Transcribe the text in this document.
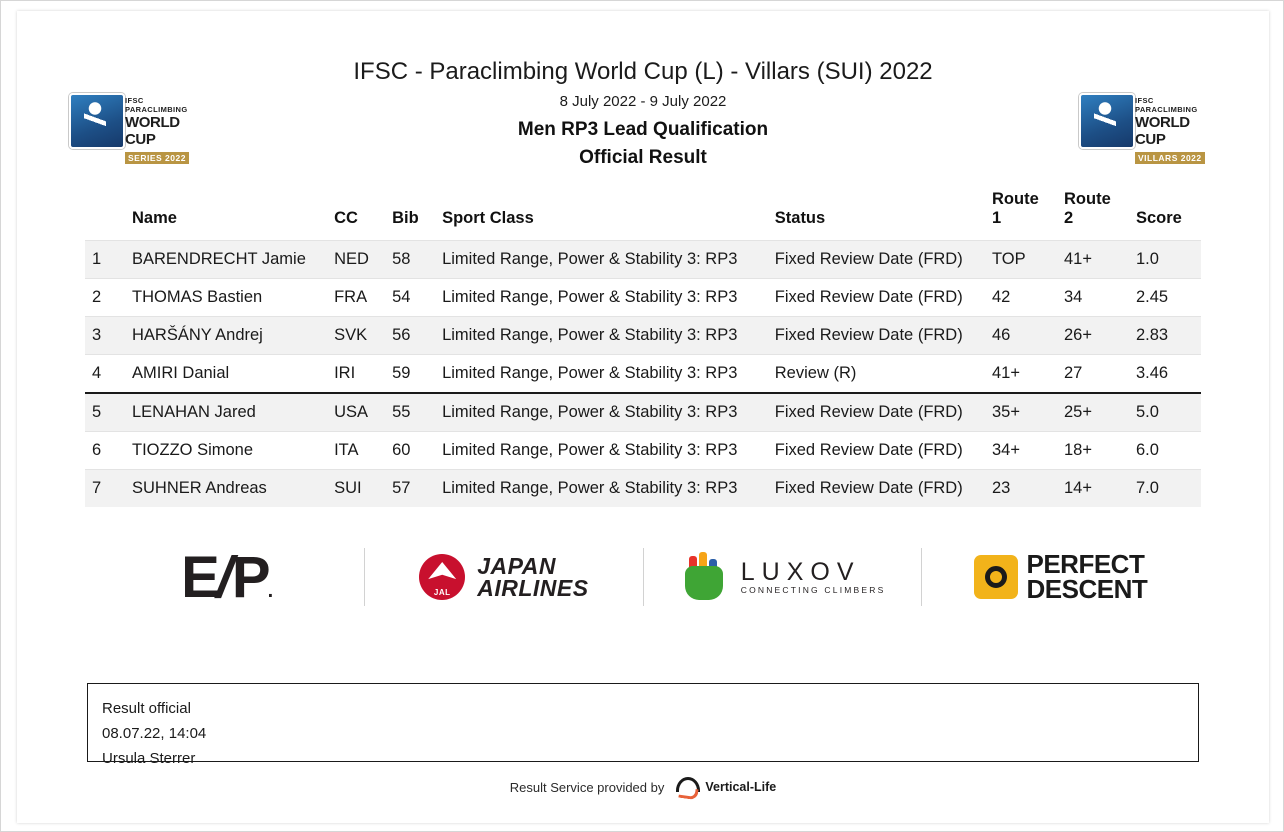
IFSC PARACLIMBING
WORLD CUP
SERIES 2022
IFSC - Paraclimbing World Cup (L) - Villars (SUI) 2022
8 July 2022 - 9 July 2022
Men RP3 Lead Qualification
Official Result
IFSC PARACLIMBING
WORLD CUP
VILLARS 2022
	Name	CC	Bib	Sport Class	Status	Route 1	Route 2	Score
1	BARENDRECHT Jamie	NED	58	Limited Range, Power & Stability 3: RP3	Fixed Review Date (FRD)	TOP	41+	1.0
2	THOMAS Bastien	FRA	54	Limited Range, Power & Stability 3: RP3	Fixed Review Date (FRD)	42	34	2.45
3	HARŠÁNY Andrej	SVK	56	Limited Range, Power & Stability 3: RP3	Fixed Review Date (FRD)	46	26+	2.83
4	AMIRI Danial	IRI	59	Limited Range, Power & Stability 3: RP3	Review (R)	41+	27	3.46
5	LENAHAN Jared	USA	55	Limited Range, Power & Stability 3: RP3	Fixed Review Date (FRD)	35+	25+	5.0
6	TIOZZO Simone	ITA	60	Limited Range, Power & Stability 3: RP3	Fixed Review Date (FRD)	34+	18+	6.0
7	SUHNER Andreas	SUI	57	Limited Range, Power & Stability 3: RP3	Fixed Review Date (FRD)	23	14+	7.0
E/P.
JAL
JAPAN
AIRLINES
LUXOV
CONNECTING CLIMBERS
PERFECT
DESCENT
Result official
08.07.22, 14:04
Ursula Sterrer
Result Service provided by	Vertical-Life
